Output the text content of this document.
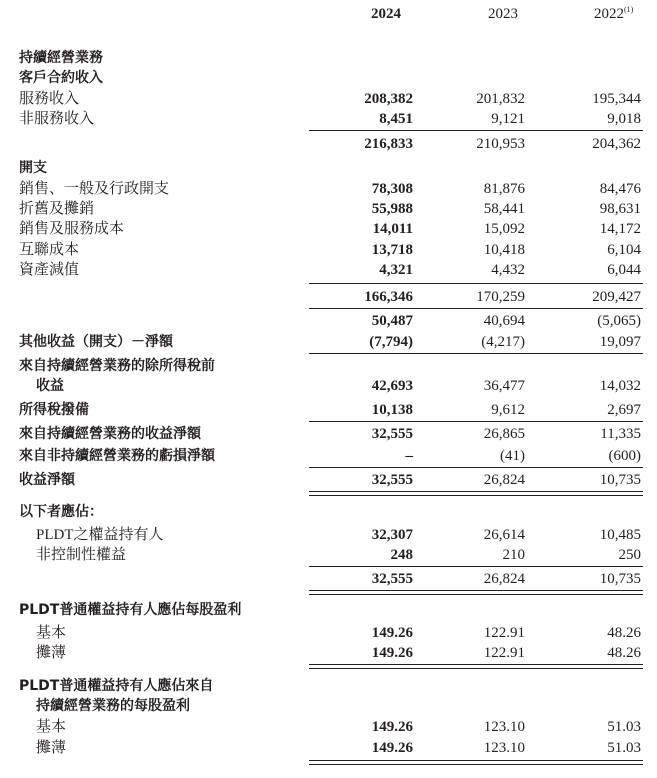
2024	2023	2022$^{(1)}$
持續經營業務
客戶合約收入
服務收入	208,382	201,832	195,344
非服務收入	8,451	9,121	9,018
216,833	210,953	204,362
開支
銷售、一般及行政開支	78,308	81,876	84,476
折舊及攤銷	55,988	58,441	98,631
銷售及服務成本	14,011	15,092	14,172
互聯成本	13,718	10,418	6,104
資產減值	4,321	4,432	6,044
166,346	170,259	209,427
50,487	40,694	(5,065)
其他收益（開支）－淨額	(7,794)	(4,217)	19,097
來自持續經營業務的除所得稅前
收益	42,693	36,477	14,032
所得稅撥備	10,138	9,612	2,697
來自持續經營業務的收益淨額	32,555	26,865	11,335
來自非持續經營業務的虧損淨額	–	(41)	(600)
收益淨額	32,555	26,824	10,735
以下者應佔：
PLDT之權益持有人	32,307	26,614	10,485
非控制性權益	248	210	250
32,555	26,824	10,735
PLDT普通權益持有人應佔每股盈利
基本	149.26	122.91	48.26
攤薄	149.26	122.91	48.26
PLDT普通權益持有人應佔來自
持續經營業務的每股盈利
基本	149.26	123.10	51.03
攤薄	149.26	123.10	51.03
